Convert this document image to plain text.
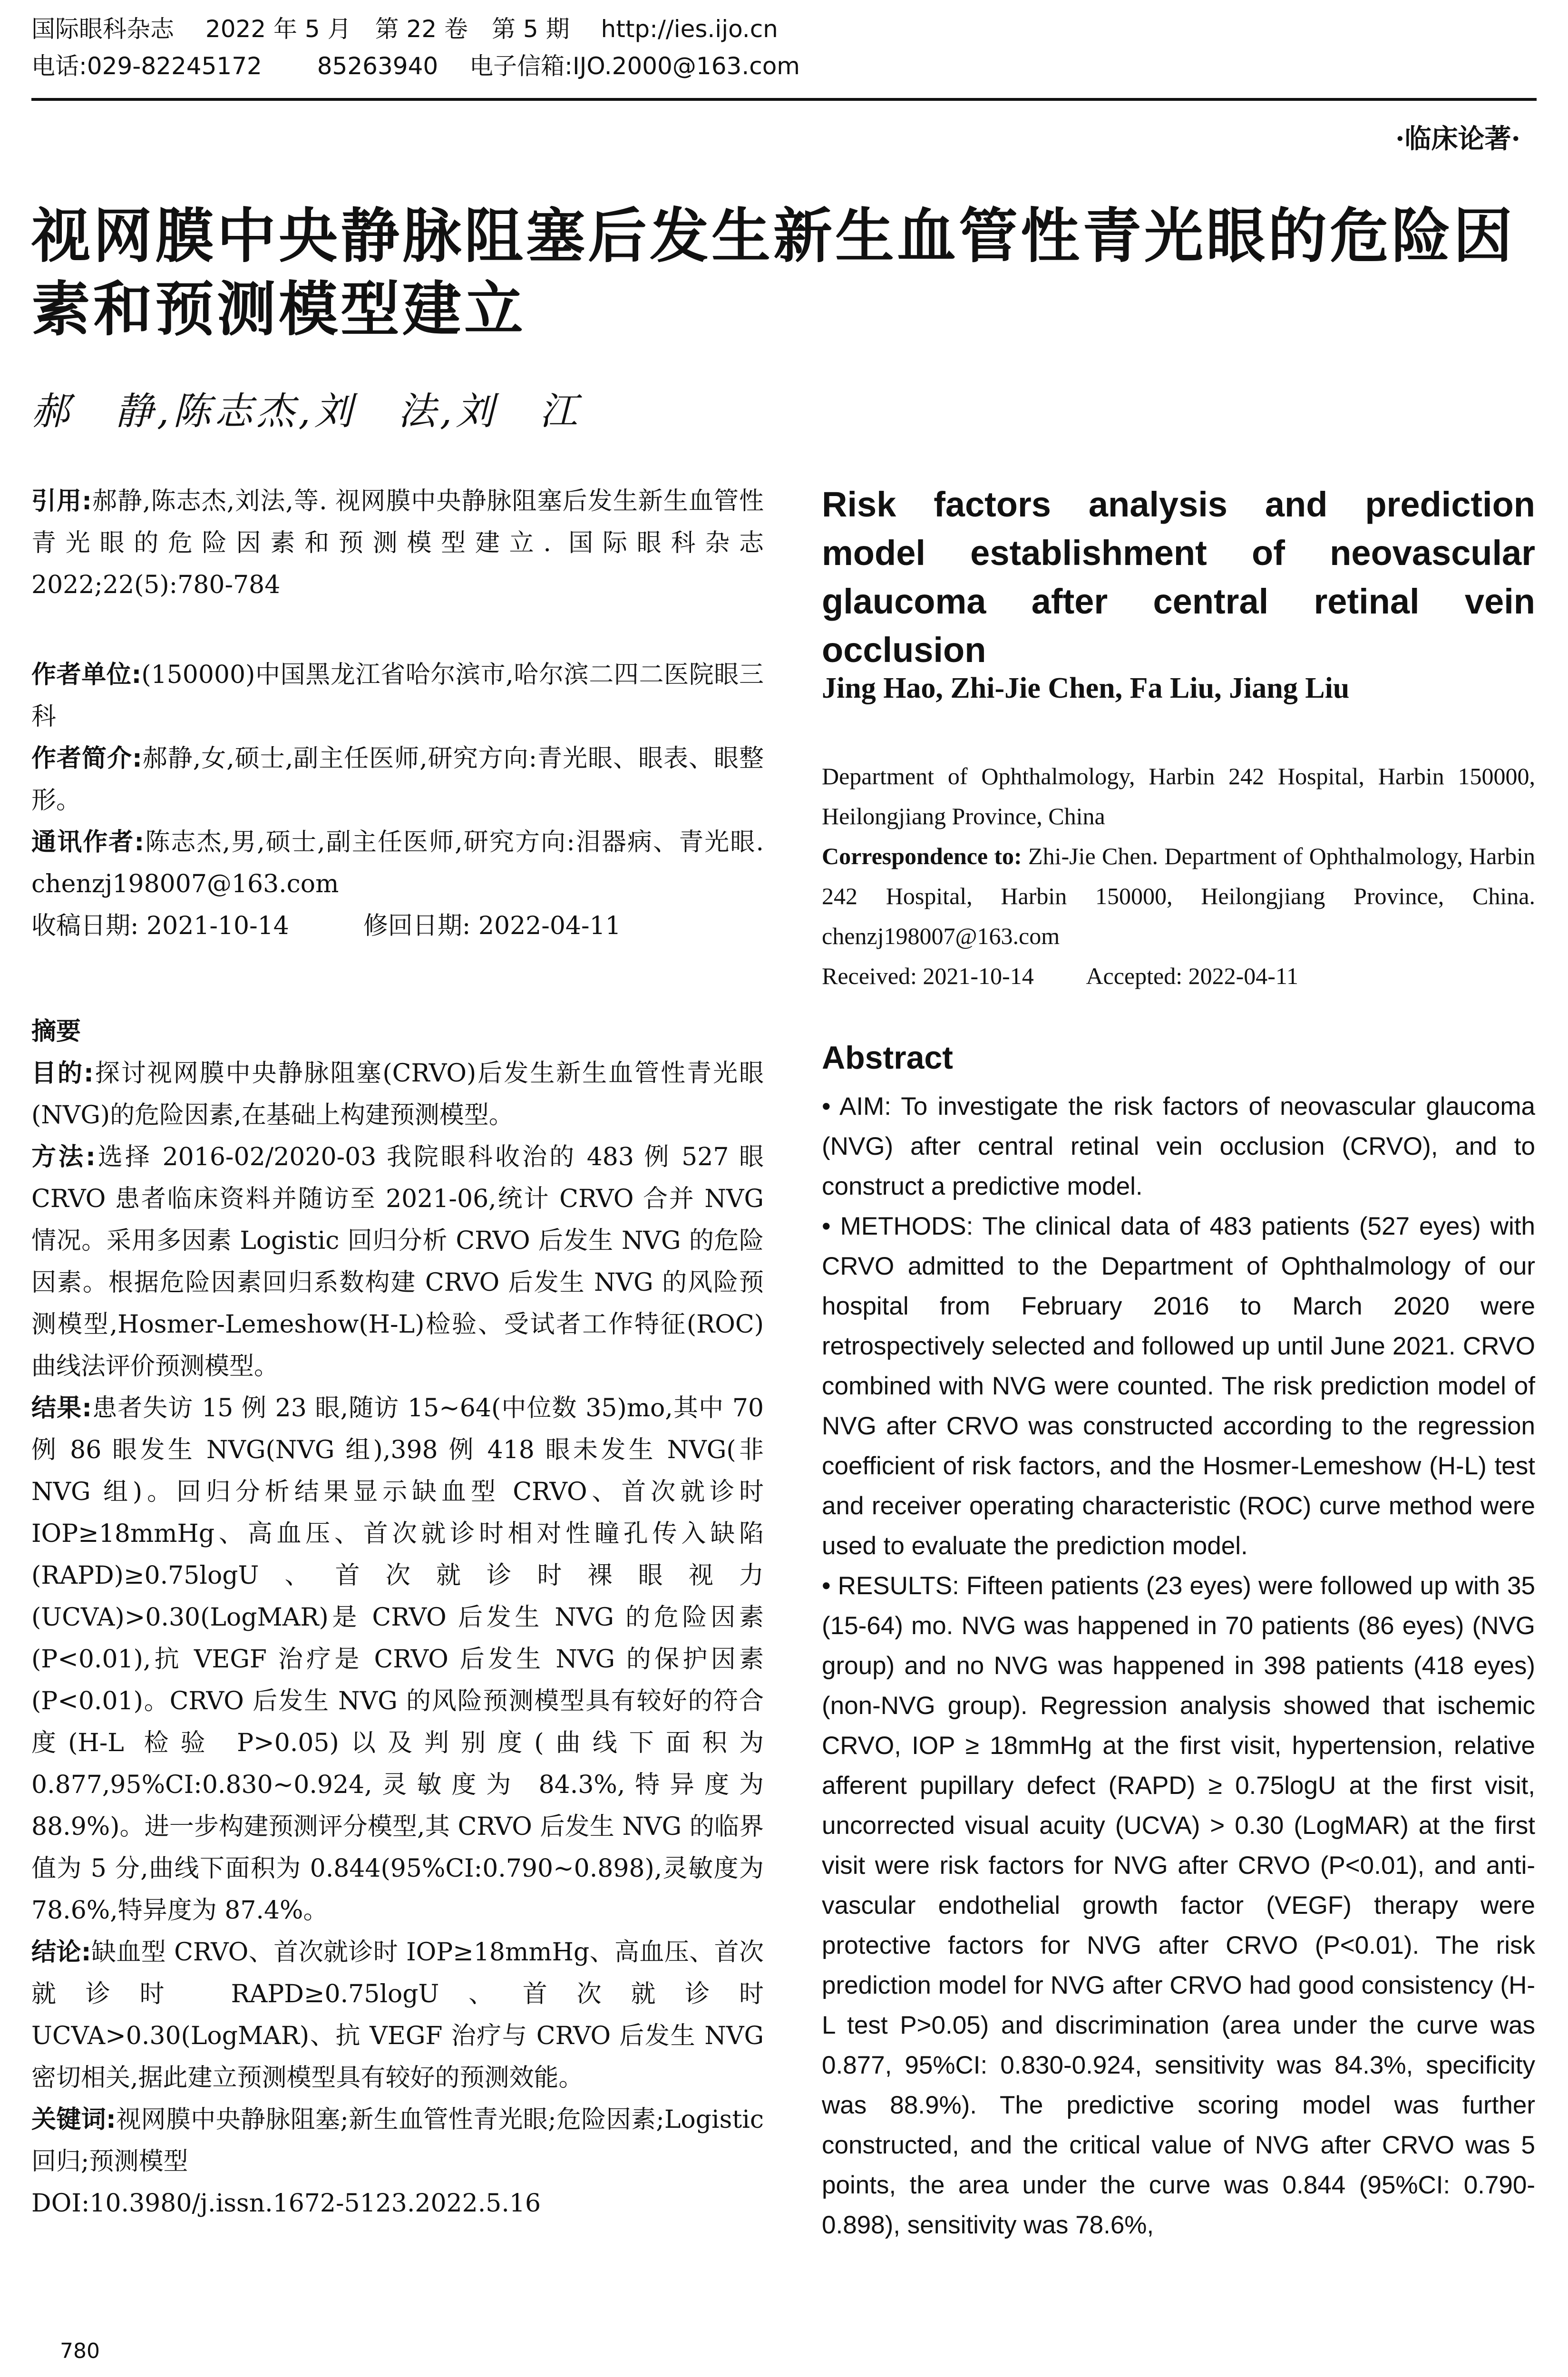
国际眼科杂志　 2022 年 5 月　第 22 卷　第 5 期　 http://ies.ijo.cn
电话:029-82245172　　 85263940　 电子信箱:IJO.2000@163.com
·临床论著·
视网膜中央静脉阻塞后发生新生血管性青光眼的危险因素和预测模型建立
郝　静,陈志杰,刘　法,刘　江

引用:郝静,陈志杰,刘法,等. 视网膜中央静脉阻塞后发生新生血管性青光眼的危险因素和预测模型建立. 国际眼科杂志 2022;22(5):780-784

作者单位:(150000)中国黑龙江省哈尔滨市,哈尔滨二四二医院眼三科

作者简介:郝静,女,硕士,副主任医师,研究方向:青光眼、眼表、眼整形。

通讯作者:陈志杰,男,硕士,副主任医师,研究方向:泪器病、青光眼. chenzj198007@163.com

收稿日期: 2021-10-14　　　修回日期: 2022-04-11

摘要

目的:探讨视网膜中央静脉阻塞(CRVO)后发生新生血管性青光眼(NVG)的危险因素,在基础上构建预测模型。

方法:选择 2016-02/2020-03 我院眼科收治的 483 例 527 眼 CRVO 患者临床资料并随访至 2021-06,统计 CRVO 合并 NVG 情况。采用多因素 Logistic 回归分析 CRVO 后发生 NVG 的危险因素。根据危险因素回归系数构建 CRVO 后发生 NVG 的风险预测模型,Hosmer-Lemeshow(H-L)检验、受试者工作特征(ROC)曲线法评价预测模型。

结果:患者失访 15 例 23 眼,随访 15~64(中位数 35)mo,其中 70 例 86 眼发生 NVG(NVG 组),398 例 418 眼未发生 NVG(非 NVG 组)。回归分析结果显示缺血型 CRVO、首次就诊时 IOP≥18mmHg、高血压、首次就诊时相对性瞳孔传入缺陷(RAPD)≥0.75logU、首次就诊时裸眼视力(UCVA)>0.30(LogMAR)是 CRVO 后发生 NVG 的危险因素(P<0.01),抗 VEGF 治疗是 CRVO 后发生 NVG 的保护因素(P<0.01)。CRVO 后发生 NVG 的风险预测模型具有较好的符合度(H-L 检验 P>0.05)以及判别度(曲线下面积为 0.877,95%CI:0.830~0.924,灵敏度为 84.3%,特异度为 88.9%)。进一步构建预测评分模型,其 CRVO 后发生 NVG 的临界值为 5 分,曲线下面积为 0.844(95%CI:0.790~0.898),灵敏度为 78.6%,特异度为 87.4%。

结论:缺血型 CRVO、首次就诊时 IOP≥18mmHg、高血压、首次就诊时 RAPD≥0.75logU、首次就诊时 UCVA>0.30(LogMAR)、抗 VEGF 治疗与 CRVO 后发生 NVG 密切相关,据此建立预测模型具有较好的预测效能。

关键词:视网膜中央静脉阻塞;新生血管性青光眼;危险因素;Logistic 回归;预测模型

DOI:10.3980/j.issn.1672-5123.2022.5.16

Risk factors analysis and prediction model establishment of neovascular glaucoma after central retinal vein occlusion
Jing Hao, Zhi-Jie Chen, Fa Liu, Jiang Liu
Department of Ophthalmology, Harbin 242 Hospital, Harbin 150000, Heilongjiang Province, China
Correspondence to: Zhi-Jie Chen. Department of Ophthalmology, Harbin 242 Hospital, Harbin 150000, Heilongjiang Province, China. chenzj198007@163.com
Received: 2021-10-14　　 Accepted: 2022-04-11
Abstract

• AIM: To investigate the risk factors of neovascular glaucoma (NVG) after central retinal vein occlusion (CRVO), and to construct a predictive model.

• METHODS: The clinical data of 483 patients (527 eyes) with CRVO admitted to the Department of Ophthalmology of our hospital from February 2016 to March 2020 were retrospectively selected and followed up until June 2021. CRVO combined with NVG were counted. The risk prediction model of NVG after CRVO was constructed according to the regression coefficient of risk factors, and the Hosmer-Lemeshow (H-L) test and receiver operating characteristic (ROC) curve method were used to evaluate the prediction model.

• RESULTS: Fifteen patients (23 eyes) were followed up with 35 (15-64) mo. NVG was happened in 70 patients (86 eyes) (NVG group) and no NVG was happened in 398 patients (418 eyes) (non-NVG group). Regression analysis showed that ischemic CRVO, IOP ≥ 18mmHg at the first visit, hypertension, relative afferent pupillary defect (RAPD) ≥ 0.75logU at the first visit, uncorrected visual acuity (UCVA) > 0.30 (LogMAR) at the first visit were risk factors for NVG after CRVO (P<0.01), and anti-vascular endothelial growth factor (VEGF) therapy were protective factors for NVG after CRVO (P<0.01). The risk prediction model for NVG after CRVO had good consistency (H-L test P>0.05) and discrimination (area under the curve was 0.877, 95%CI: 0.830-0.924, sensitivity was 84.3%, specificity was 88.9%). The predictive scoring model was further constructed, and the critical value of NVG after CRVO was 5 points, the area under the curve was 0.844 (95%CI: 0.790-0.898), sensitivity was 78.6%,

780
